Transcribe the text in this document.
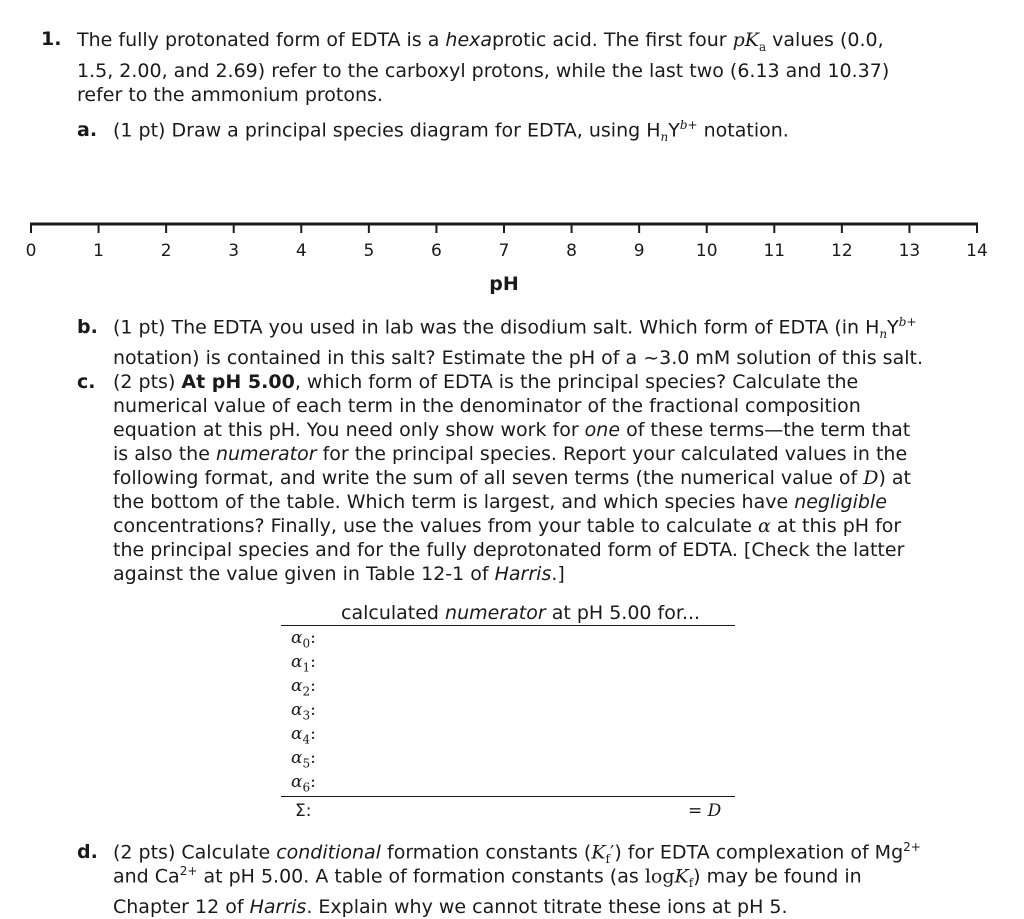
1. The fully protonated form of EDTA is a hexaprotic acid. The first four $pK_a$ values (0.0,
1.5, 2.00, and 2.69) refer to the carboxyl protons, while the last two (6.13 and 10.37)
refer to the ammonium protons.

a. (1 pt) Draw a principal species diagram for EDTA, using $H_nY^{b+}$ notation.

0	1	2	3	4	5	6	7	8	9	10	11	12	13	14
pH

b. (1 pt) The EDTA you used in lab was the disodium salt. Which form of EDTA (in $H_nY^{b+}$
notation) is contained in this salt? Estimate the pH of a ~3.0 mM solution of this salt.

c. (2 pts) At pH 5.00, which form of EDTA is the principal species? Calculate the

numerical value of each term in the denominator of the fractional composition
equation at this pH. You need only show work for one of these terms—the term that
is also the numerator for the principal species. Report your calculated values in the
following format, and write the sum of all seven terms (the numerical value of D) at
the bottom of the table. Which term is largest, and which species have negligible
concentrations? Finally, use the values from your table to calculate α at this pH for
the principal species and for the fully deprotonated form of EDTA. [Check the latter
against the value given in Table 12-1 of Harris.]

calculated numerator at pH 5.00 for...
$\alpha_0$:
$\alpha_1$:
$\alpha_2$:
$\alpha_3$:
$\alpha_4$:
$\alpha_5$:
$\alpha_6$:
Σ:	= D

d. (2 pts) Calculate conditional formation constants $(K_f')$ for EDTA complexation of $Mg^{2+}$

and $Ca^{2+}$ at pH 5.00. A table of formation constants (as logK$_f$) may be found in
Chapter 12 of Harris. Explain why we cannot titrate these ions at pH 5.
